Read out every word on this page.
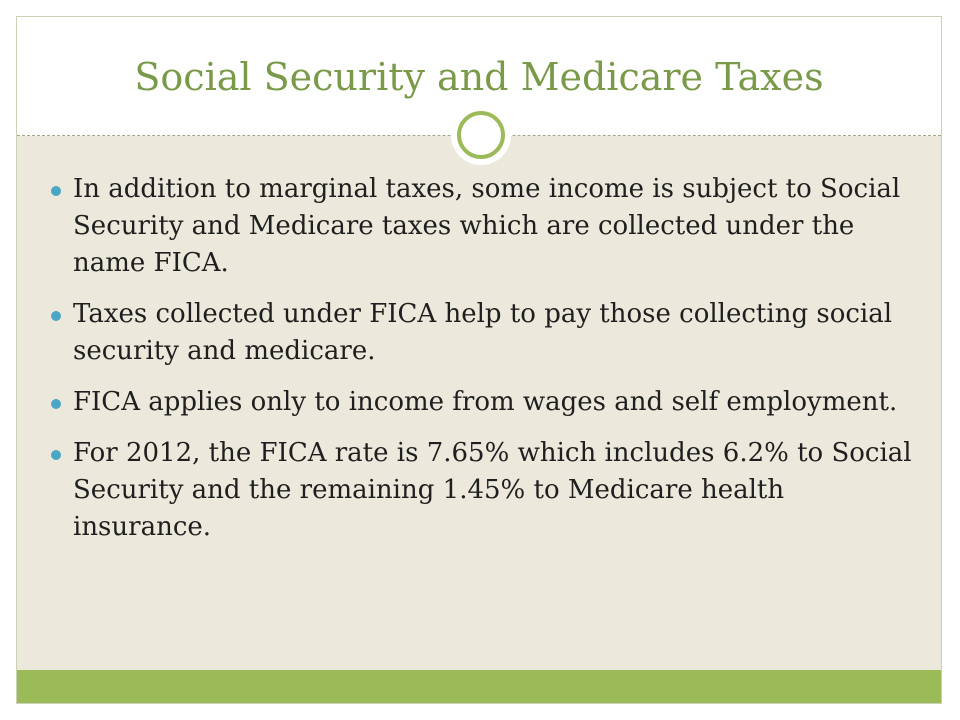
Social Security and Medicare Taxes
In addition to marginal taxes, some income is subject to Social Security and Medicare taxes which are collected under the name FICA.
Taxes collected under FICA help to pay those collecting social security and medicare.
FICA applies only to income from wages and self employment.
For 2012, the FICA rate is 7.65% which includes 6.2% to Social Security and the remaining 1.45% to Medicare health insurance.
